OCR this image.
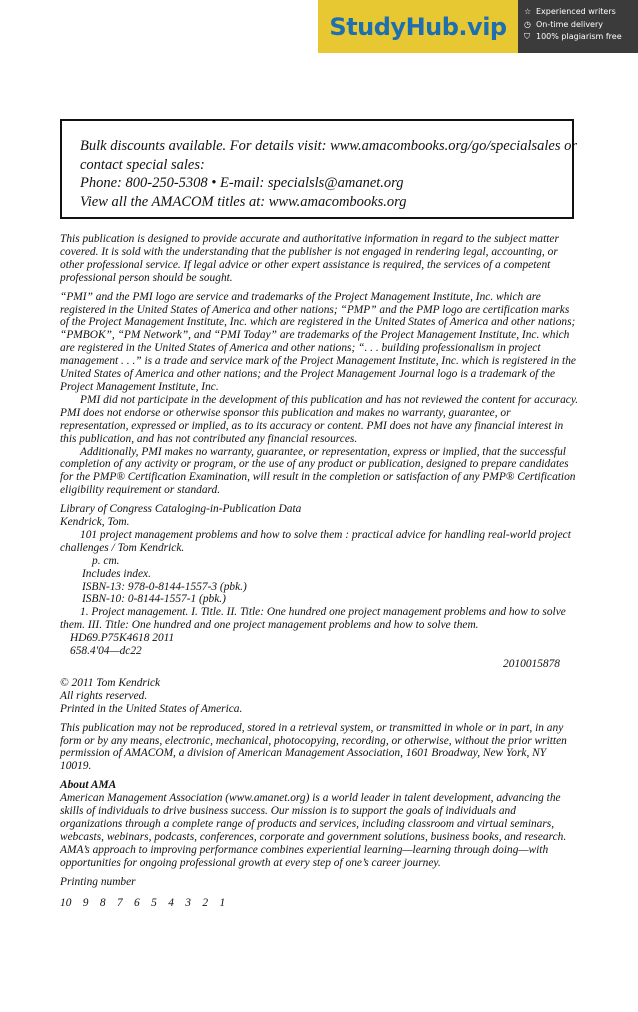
StudyHub.vip
☆ Experienced writers
◷ On-time delivery
⛉ 100% plagiarism free
Bulk discounts available. For details visit: www.amacombooks.org/go/specialsales or
contact special sales:
Phone: 800-250-5308 • E-mail: specialsls@amanet.org
View all the AMACOM titles at: www.amacombooks.org

This publication is designed to provide accurate and authoritative information in regard to the subject matter covered. It is sold with the understanding that the publisher is not engaged in rendering legal, accounting, or other professional service. If legal advice or other expert assistance is required, the services of a competent professional person should be sought.

“PMI” and the PMI logo are service and trademarks of the Project Management Institute, Inc. which are registered in the United States of America and other nations; “PMP” and the PMP logo are certification marks of the Project Management Institute, Inc. which are registered in the United States of America and other nations; “PMBOK”, “PM Network”, and “PMI Today” are trademarks of the Project Management Institute, Inc. which are registered in the United States of America and other nations; “. . . building professionalism in project management . . .” is a trade and service mark of the Project Management Institute, Inc. which is registered in the United States of America and other nations; and the Project Management Journal logo is a trademark of the Project Management Institute, Inc.

PMI did not participate in the development of this publication and has not reviewed the content for accuracy. PMI does not endorse or otherwise sponsor this publication and makes no warranty, guarantee, or representation, expressed or implied, as to its accuracy or content. PMI does not have any financial interest in this publication, and has not contributed any financial resources.

Additionally, PMI makes no warranty, guarantee, or representation, express or implied, that the successful completion of any activity or program, or the use of any product or publication, designed to prepare candidates for the PMP® Certification Examination, will result in the completion or satisfaction of any PMP® Certification eligibility requirement or standard.

Library of Congress Cataloging-in-Publication Data
Kendrick, Tom.
101 project management problems and how to solve them : practical advice for handling real-world project challenges / Tom Kendrick.
p. cm.
Includes index.
ISBN-13: 978-0-8144-1557-3 (pbk.)
ISBN-10: 0-8144-1557-1 (pbk.)
1. Project management. I. Title. II. Title: One hundred one project management problems and how to solve them. III. Title: One hundred and one project management problems and how to solve them.
HD69.P75K4618 2011
658.4'04—dc22
2010015878
© 2011 Tom Kendrick
All rights reserved.
Printed in the United States of America.

This publication may not be reproduced, stored in a retrieval system, or transmitted in whole or in part, in any form or by any means, electronic, mechanical, photocopying, recording, or otherwise, without the prior written permission of AMACOM, a division of American Management Association, 1601 Broadway, New York, NY 10019.

About AMA
American Management Association (www.amanet.org) is a world leader in talent development, advancing the skills of individuals to drive business success. Our mission is to support the goals of individuals and organizations through a complete range of products and services, including classroom and virtual seminars, webcasts, webinars, podcasts, conferences, corporate and government solutions, business books, and research. AMA’s approach to improving performance combines experiential learning—learning through doing—with opportunities for ongoing professional growth at every step of one’s career journey.
Printing number
10    9    8    7    6    5    4    3    2    1
